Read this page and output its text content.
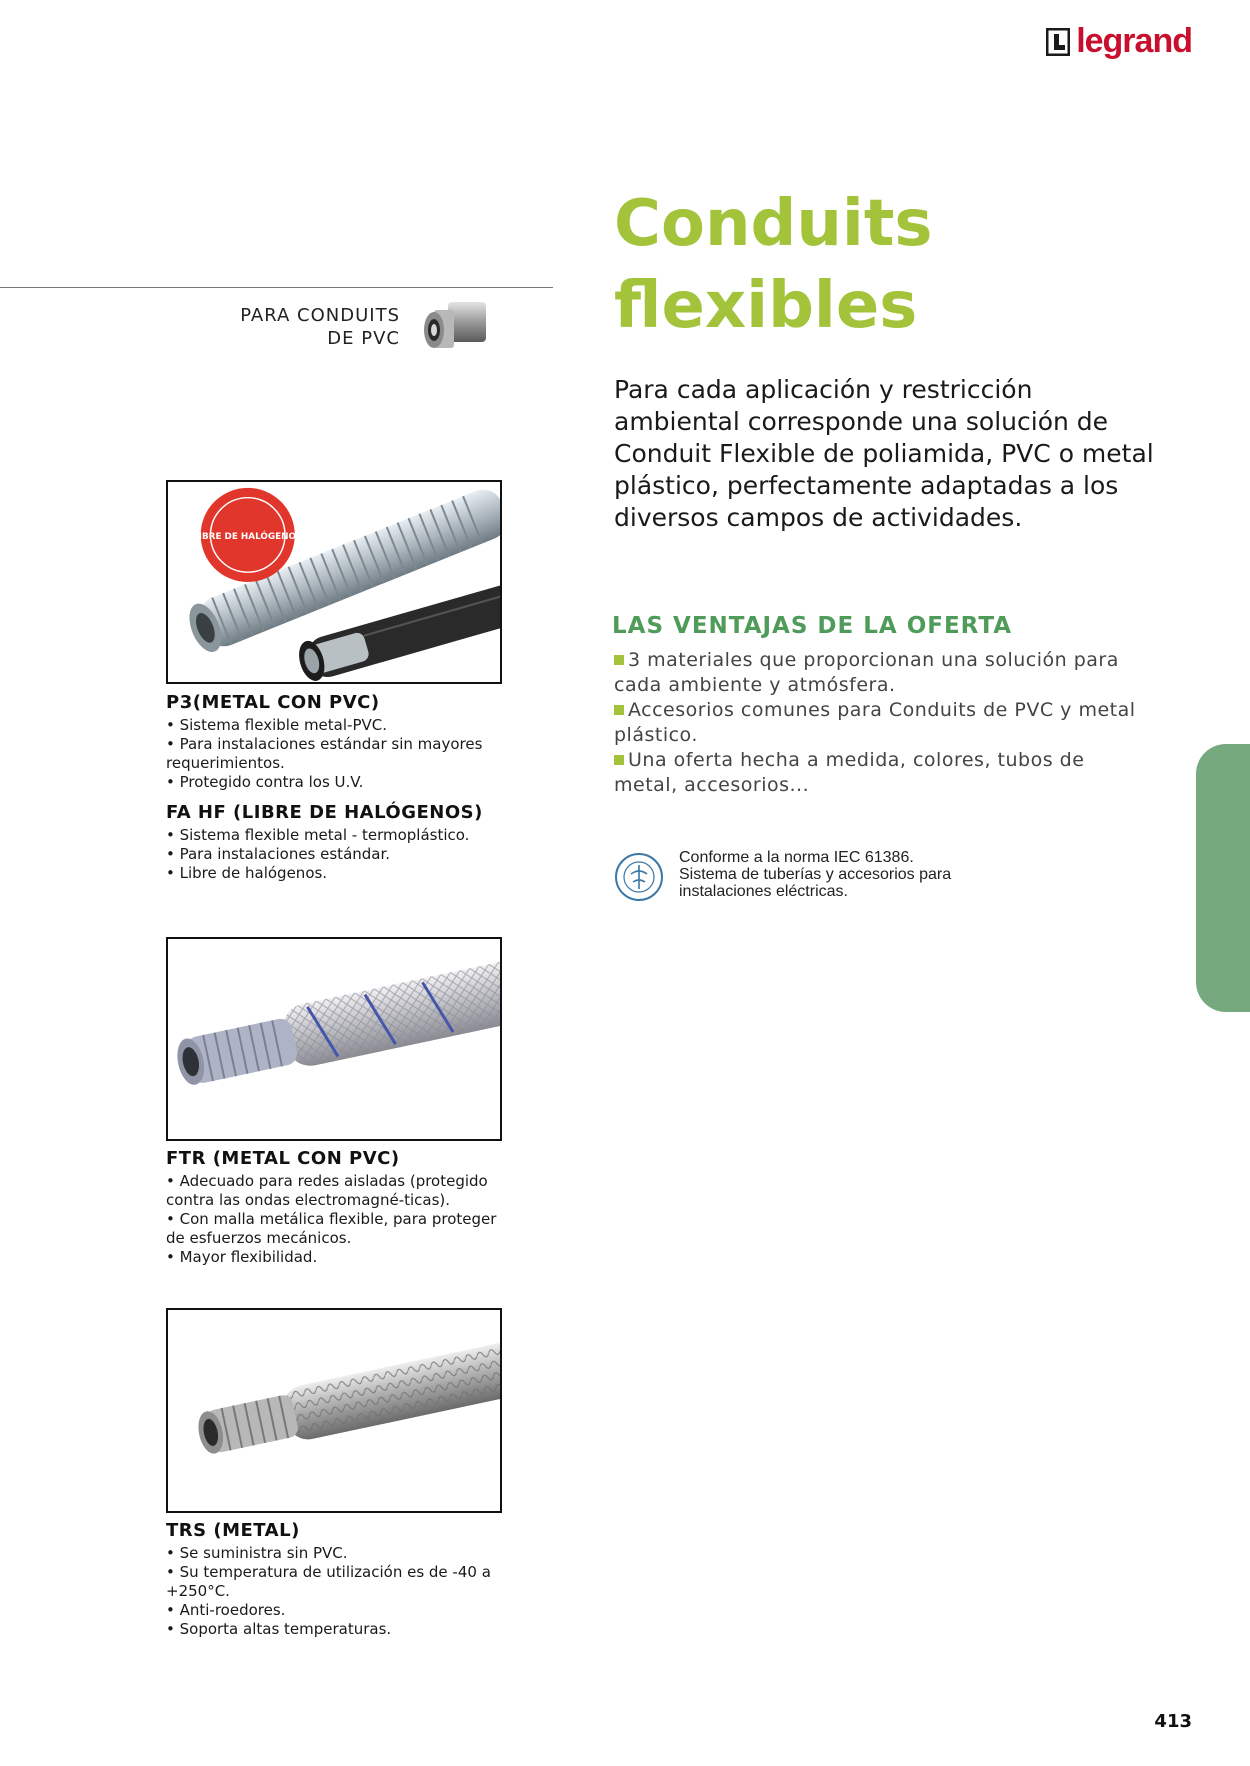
legrand
PARA CONDUITS
DE PVC
Conduits
flexibles
Para cada aplicación y restricción ambiental corresponde una solución de Conduit Flexible de poliamida, PVC o metal plástico, perfectamente adaptadas a los diversos campos de actividades.
LAS VENTAJAS DE LA OFERTA
3 materiales que proporcionan una solución para cada ambiente y atmósfera.
Accesorios comunes para Conduits de PVC y metal plástico.
Una oferta hecha a medida, colores, tubos de metal, accesorios...
Conforme a la norma IEC 61386.
Sistema de tuberías y accesorios para
instalaciones eléctricas.
LIBRE DE HALÓGENOS
P3(METAL CON PVC)
• Sistema flexible metal-PVC.
• Para instalaciones estándar sin mayores requerimientos.
• Protegido contra los U.V.
FA HF (LIBRE DE HALÓGENOS)
• Sistema flexible metal - termoplástico.
• Para instalaciones estándar.
• Libre de halógenos.
FTR (METAL CON PVC)
• Adecuado para redes aisladas (protegido contra las ondas electromagné-ticas).
• Con malla metálica flexible, para proteger de esfuerzos mecánicos.
• Mayor flexibilidad.
TRS (METAL)
• Se suministra sin PVC.
• Su temperatura de utilización es de -40 a +250°C.
• Anti-roedores.
• Soporta altas temperaturas.
413
